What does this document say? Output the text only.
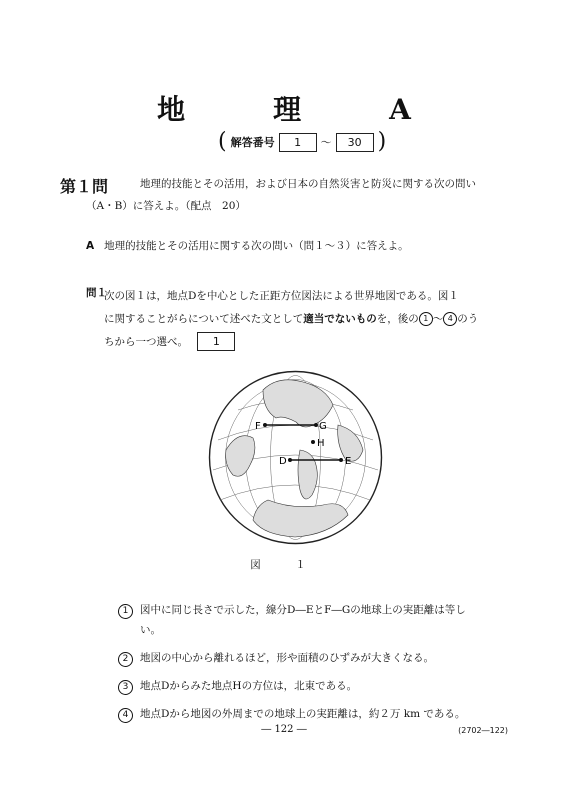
地　理　A
( 解答番号	1	～	30 )
第１問	地理的技能とその活用，および日本の自然災害と防災に関する次の問い
（A・B）に答えよ。（配点　20）
A 地理的技能とその活用に関する次の問い（問１～３）に答えよ。
問１
次の図１は，地点Dを中心とした正距方位図法による世界地図である。図１
に関することがらについて述べた文として適当でないものを，後の 1 ～ 4 のう
ちから一つ選べ。 1
F	G
H
D	E
図　１
1	図中に同じ長さで示した，線分D―EとF―Gの地球上の実距離は等し
い。
2	地図の中心から離れるほど，形や面積のひずみが大きくなる。
3	地点Dからみた地点Hの方位は，北東である。
4	地点Dから地図の外周までの地球上の実距離は，約２万 km である。
― 122 ―	(2702―122)
